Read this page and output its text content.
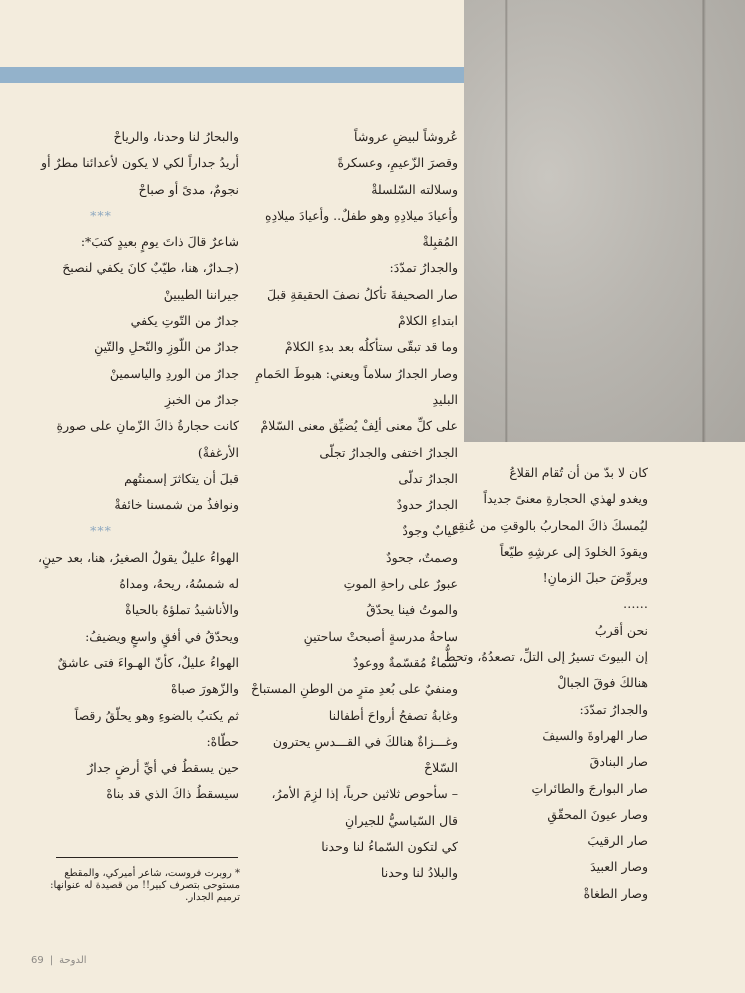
عُروشاً لبيضِ عروشاً

وقصرَ الزّعيمِ، وعسكرةً

وسلالته السّلسلةْ

وأعيادَ ميلادِهِ وهو طفلٌ.. وأعيادَ ميلادِهِ

المُقبِلةْ

والجدارُ تمدّدَ:

صار الصحيفةَ تأكلُ نصفَ الحقيقةِ قبلَ

ابتداءِ الكلامْ

وما قد تبقّى ستأكلُه بعد بدءِ الكلامْ

وصار الجدارُ سلاماً ويعني: هبوطَ الحَمامِ

البليدِ

على كلِّ معنى ألِفْ يُضيِّق معنى السّلامْ

الجدارُ اختفى والجدارُ تجلّى

الجدارُ تدلّى

الجدارُ حدودٌ

غيابٌ وجودٌ

وصمتٌ، جحودٌ

عبورٌ على راحةِ الموتِ

والموتُ فينا يحدّقُ

ساحةُ مدرسةٍ أصبحتْ ساحتينِ

سماءٌ مُقسّمةٌ ووعودٌ

ومنفيٌ على بُعدِ مترٍ من الوطنِ المستباحْ

وغابةُ تصفحُ أرواحَ أطفالنا

وغـــزاةٌ هنالكَ في القـــدسِ يحترون

السّلاحْ

– سأحوص ثلاثين حرباً، إذا لزِمَ الأمرُ،

قال السّياسيُّ للجيرانِ

كي لتكون السّماءُ لنا وحدنا

والبلادُ لنا وحدنا

والبحارُ لنا وحدنا، والرياحْ

أريدُ جداراً لكي لا يكون لأعدائنا مطرٌ أو

نجومٌ، مدىً أو صباحْ

***

شاعرٌ قالَ ذاتَ يومٍ بعيدٍ كتبَ*:

(جـدارٌ، هنا، طيّبٌ كانَ يكفي لنصبحَ

جيراننا الطيبينْ

جدارٌ من التّوتِ يكفي

جدارٌ من اللّوزِ والنّحلِ والتّينِ

جدارٌ من الوردِ والياسمينْ

جدارٌ من الخبزِ

كانت حجارةُ ذاكَ الزّمانِ على صورةِ

الأرغفةْ)

قبلَ أن يتكاثرَ إسمنتُهم

ونوافذُ من شمسنا خائفةْ

***

الهواءُ عليلٌ يقولُ الصغيرُ، هنا، بعد حينٍ،

له شمسُهُ، ريحهُ، ومداهُ

والأناشيدُ تملؤهُ بالحياةْ

ويحدّقُ في أفقٍ واسعٍ ويضيفُ:

الهواءُ عليلٌ، كأنّ الهـواءَ فتى عاشقٌ

والزّهورَ صباهْ

ثم يكتبُ بالضوءِ وهو يحلّقُ رقصاً

حطّاهْ:

حين يسقطُ في أيِّ أرضٍ جدارٌ

سيسقطُ ذاكَ الذي قد بناهْ

كان لا بدّ من أن تُقام القلاعُ

ويغدو لهذي الحجارةِ معنىً جديداً

ليُمسكَ ذاكَ المحاربُ بالوقتِ من عُنقِهِ

ويقودَ الخلودَ إلى عرشِهِ طيّعاً

ويروِّضَ حبلَ الزمانِ!

……

نحن أقربُ

إن البيوتَ تسيرُ إلى التلِّ، تصعدُهُ، وتحطُّ

هنالكَ فوقَ الجبالْ

والجدارُ تمدّدَ:

صار الهراوةَ والسيفَ

صار البنادقَ

صار البوارجَ والطائراتِ

وصار عيونَ المحقّقِ

صار الرقيبَ

وصار العبيدَ

وصار الطغاةْ

* روبرت فروست، شاعر أميركي، والمقطع مستوحى بتصرف كبير!! من قصيدة له عنوانها: ترميم الجدار.
69 | الدوحة
